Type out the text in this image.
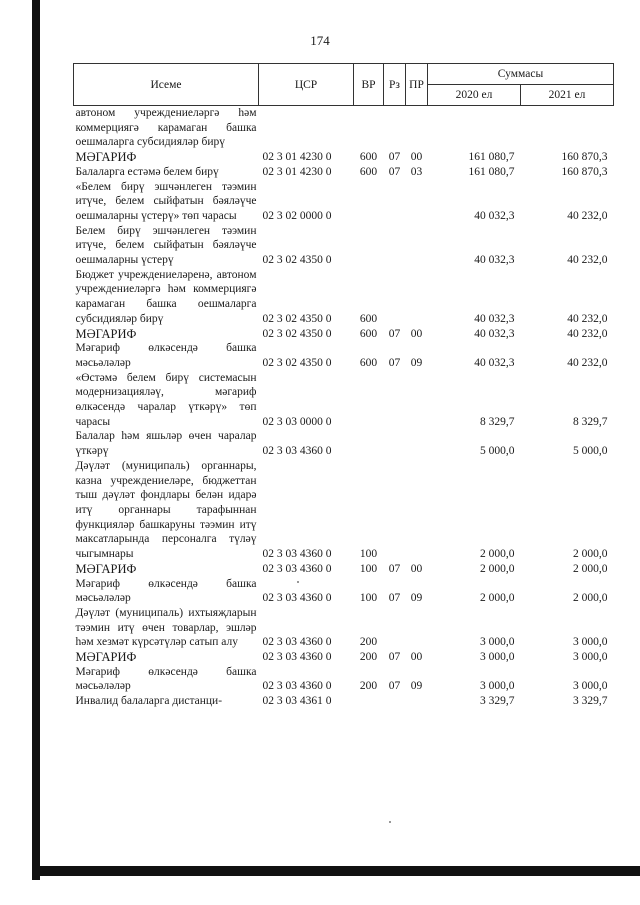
174
Исеме	ЦСР	ВР	Рз	ПР	Суммасы	
					2020 ел	2021 ел
автоном учреждениеләргә һәм коммерциягә карамаган башка оешмаларга субсидияләр бирү						
МӘГАРИФ	02 3 01 4230 0	600	07	00	161 080,7	160 870,3
Балаларга естәмә белем бирү	02 3 01 4230 0	600	07	03	161 080,7	160 870,3
«Белем бирү эшчәнлеген тәэмин итүче, белем сыйфатын бәяләүче оешмаларны үстерү» төп чарасы	02 3 02 0000 0				40 032,3	40 232,0
Белем бирү эшчәнлеген тәэмин итүче, белем сыйфатын бәяләүче оешмаларны үстерү	02 3 02 4350 0				40 032,3	40 232,0
Бюджет учреждениеләренә, автоном учреждениеләргә һәм коммерциягә карамаган башка оешмаларга субсидияләр бирү	02 3 02 4350 0	600			40 032,3	40 232,0
МӘГАРИФ	02 3 02 4350 0	600	07	00	40 032,3	40 232,0
Мәгариф өлкәсендә башка мәсьәләләр	02 3 02 4350 0	600	07	09	40 032,3	40 232,0
«Өстәмә белем бирү системасын модернизацияләү, мәгариф өлкәсендә чаралар үткәрү» төп чарасы	02 3 03 0000 0				8 329,7	8 329,7
Балалар һәм яшьләр өчен чаралар үткәрү	02 3 03 4360 0				5 000,0	5 000,0
Дәүләт (муниципаль) органнары, казна учреждениеләре, бюджеттан тыш дәүләт фондлары белән идарә итү органнары тарафыннан функцияләр башкаруны тәэмин итү максатларында персоналга түләү чыгымнары	02 3 03 4360 0	100			2 000,0	2 000,0
МӘГАРИФ	02 3 03 4360 0	100	07	00	2 000,0	2 000,0
Мәгариф өлкәсендә башка мәсьәләләр	02 3 03 4360 0	100	07	09	2 000,0	2 000,0
Дәүләт (муниципаль) ихтыяҗларын тәэмин итү өчен товарлар, эшләр һәм хезмәт күрсәтүләр сатып алу	02 3 03 4360 0	200			3 000,0	3 000,0
МӘГАРИФ	02 3 03 4360 0	200	07	00	3 000,0	3 000,0
Мәгариф өлкәсендә башка мәсьәләләр	02 3 03 4360 0	200	07	09	3 000,0	3 000,0
Инвалид балаларга дистанци-	02 3 03 4361 0				3 329,7	3 329,7
